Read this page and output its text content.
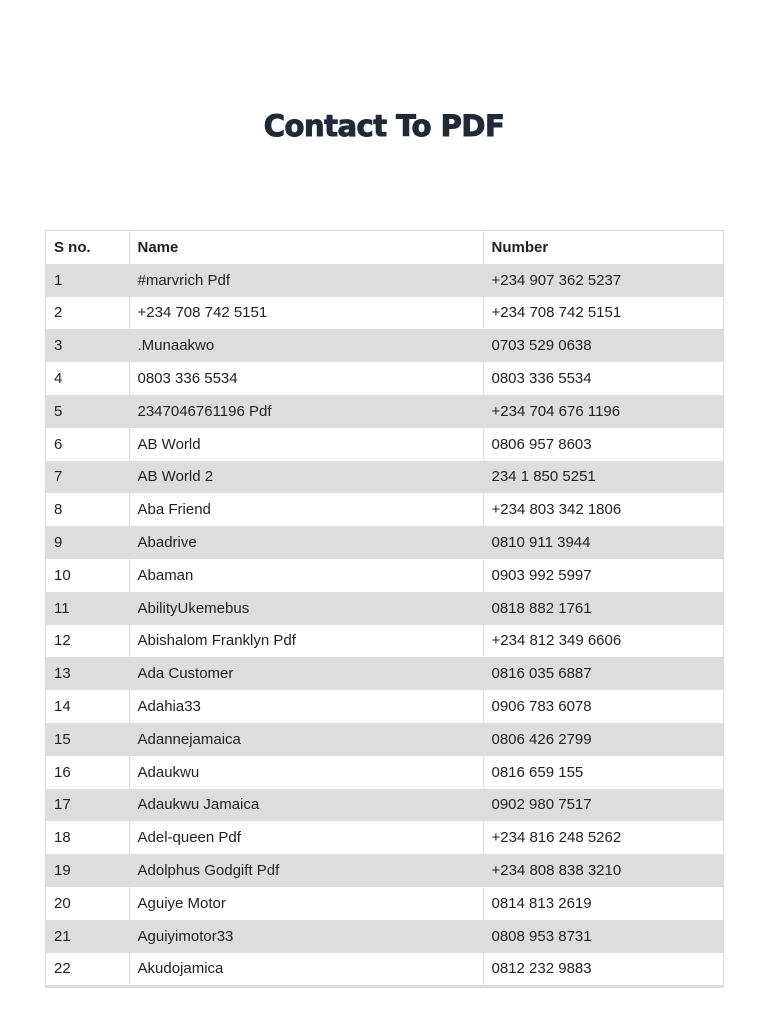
Contact To PDF
S no.	Name	Number
1	#marvrich Pdf	+234 907 362 5237
2	+234 708 742 5151	+234 708 742 5151
3	.Munaakwo	0703 529 0638
4	0803 336 5534	0803 336 5534
5	2347046761196 Pdf	+234 704 676 1196
6	AB World	0806 957 8603
7	AB World 2	234 1 850 5251
8	Aba Friend	+234 803 342 1806
9	Abadrive	0810 911 3944
10	Abaman	0903 992 5997
11	AbilityUkemebus	0818 882 1761
12	Abishalom Franklyn Pdf	+234 812 349 6606
13	Ada Customer	0816 035 6887
14	Adahia33	0906 783 6078
15	Adannejamaica	0806 426 2799
16	Adaukwu	0816 659 155
17	Adaukwu Jamaica	0902 980 7517
18	Adel-queen Pdf	+234 816 248 5262
19	Adolphus Godgift Pdf	+234 808 838 3210
20	Aguiye Motor	0814 813 2619
21	Aguiyimotor33	0808 953 8731
22	Akudojamica	0812 232 9883
